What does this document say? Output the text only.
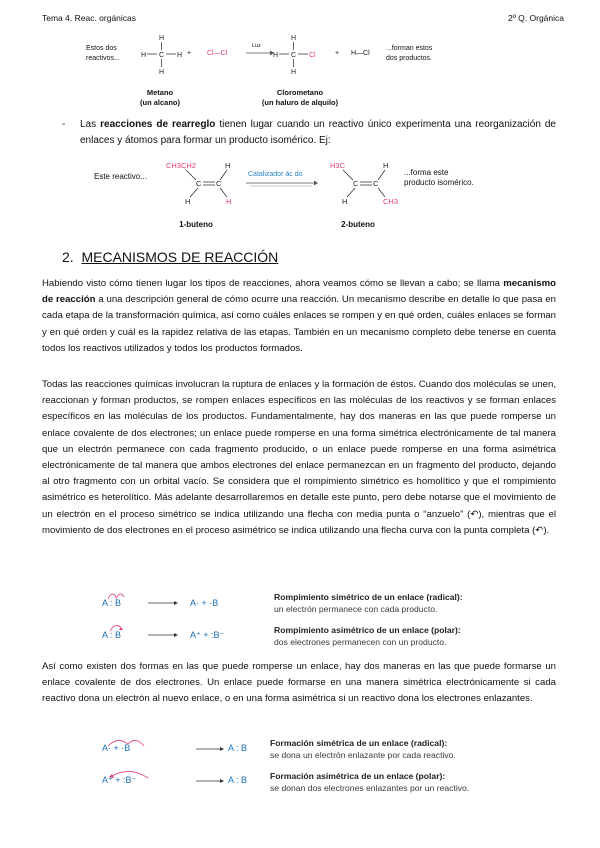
Tema 4. Reac. orgánicas	2º Q. Orgánica
Estos dos
reactivos...
H
H C H
H
H
H C Cl
H
+ Cl—Cl
Luz
+ H—Cl
...forman estos
dos productos.
Metano
(un alcano)
Clorometano
(un haluro de alquilo)
- Las reacciones de rearreglo tienen lugar cuando un reactivo único experimenta una reorganización de enlaces y átomos para formar un producto isomérico. Ej:
Este reactivo...
CH3CH2	H
C C
H	H
H3C	H
C C
H	CH3
Catalizador ác do	...forma este
producto isomérico.
1-buteno	2-buteno
2. MECANISMOS DE REACCIÓN
Habiendo visto cómo tienen lugar los tipos de reacciones, ahora veamos cómo se llevan a cabo; se llama mecanismo de reacción a una descripción general de cómo ocurre una reacción. Un mecanismo describe en detalle lo que pasa en cada etapa de la transformación química, así como cuáles enlaces se rompen y en qué orden, cuáles enlaces se forman y en qué orden y cuál es la rapidez relativa de las etapas. También en un mecanismo completo debe tenerse en cuenta todos los reactivos utilizados y todos los productos formados.
Todas las reacciones químicas involucran la ruptura de enlaces y la formación de éstos. Cuando dos moléculas se unen, reaccionan y forman productos, se rompen enlaces específicos en las moléculas de los reactivos y se forman enlaces específicos en las moléculas de los productos. Fundamentalmente, hay dos maneras en las que puede romperse un enlace covalente de dos electrones; un enlace puede romperse en una forma simétrica electrónicamente de tal manera que un electrón permanece con cada fragmento producido, o un enlace puede romperse en una forma asimétrica electrónicamente de tal manera que ambos electrones del enlace permanezcan en un fragmento del producto, dejando al otro fragmento con un orbital vacío. Se considera que el rompimiento simétrico es homolítico y que el rompimiento asimétrico es heterolítico. Más adelante desarrollaremos en detalle este punto, pero debe notarse que el movimiento de un electrón en el proceso simétrico se indica utilizando una flecha con media punta o “anzuelo” (↶), mientras que el movimiento de dos electrones en el proceso asimétrico se indica utilizando una flecha curva con la punta completa (↶).
A : B	A· + ·B
Rompimiento simétrico de un enlace (radical):
un electrón permanece con cada producto.
A : B	A⁺ + :B⁻	Rompimiento asimétrico de un enlace (polar):
dos electrones permanecen con un producto.
Así como existen dos formas en las que puede romperse un enlace, hay dos maneras en las que puede formarse un enlace covalente de dos electrones. Un enlace puede formarse en una manera simétrica electrónicamente si cada reactivo dona un electrón al nuevo enlace, o en una forma asimétrica si un reactivo dona los electrones enlazantes.
A· + ·B	A : B	Formación simétrica de un enlace (radical):
se dona un electrón enlazante por cada reactivo.
A⁺ + :B⁻	A : B	Formación asimétrica de un enlace (polar):
se donan dos electrones enlazantes por un reactivo.
